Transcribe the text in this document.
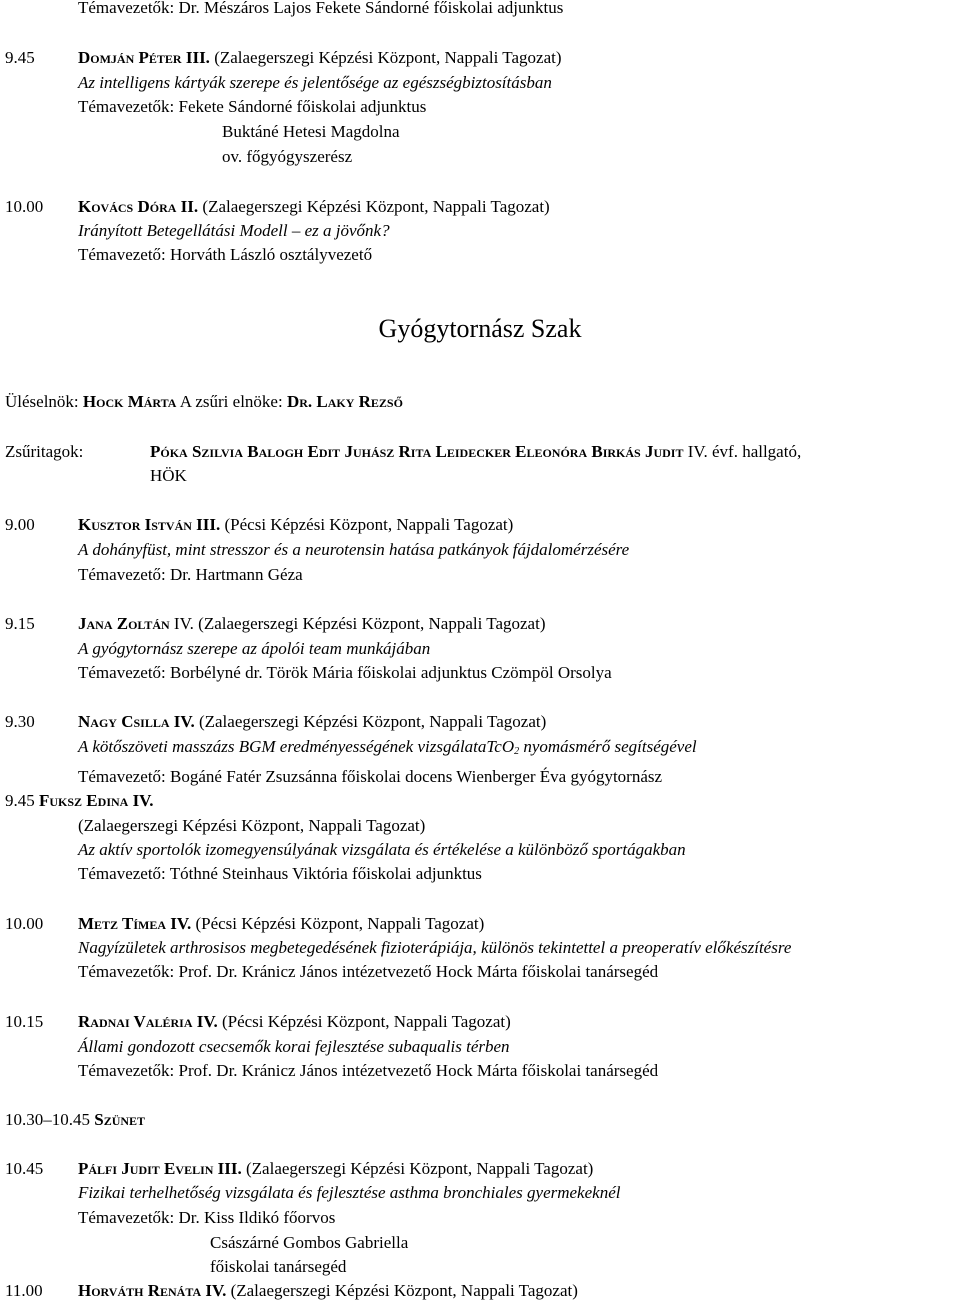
Témavezetők: Dr. Mészáros Lajos Fekete Sándorné főiskolai adjunktus
9.45	Domján Péter III. (Zalaegerszegi Képzési Központ, Nappali Tagozat)
Az intelligens kártyák szerepe és jelentősége az egészségbiztosításban
Témavezetők: Fekete Sándorné főiskolai adjunktus
Buktáné Hetesi Magdolna
ov. főgyógyszerész
10.00 Kovács Dóra II. (Zalaegerszegi Képzési Központ, Nappali Tagozat)
Irányított Betegellátási Modell – ez a jövőnk?
Témavezető: Horváth László osztályvezető
Gyógytornász Szak
Üléselnök: Hock Márta A zsűri elnöke: Dr. Laky Rezső
Zsűritagok:	Póka Szilvia Balogh Edit Juhász Rita Leidecker Eleonóra Birkás Judit IV. évf. hallgató,
HÖK
9.00	Kusztor István III. (Pécsi Képzési Központ, Nappali Tagozat)
A dohányfüst, mint stresszor és a neurotensin hatása patkányok fájdalomérzésére
Témavezető: Dr. Hartmann Géza
9.15	Jana Zoltán IV. (Zalaegerszegi Képzési Központ, Nappali Tagozat)
A gyógytornász szerepe az ápolói team munkájában
Témavezető: Borbélyné dr. Török Mária főiskolai adjunktus Czömpöl Orsolya
9.30	Nagy Csilla IV. (Zalaegerszegi Képzési Központ, Nappali Tagozat)
A kötőszöveti masszázs BGM eredményességének vizsgálataTcO$_2$ nyomásmérő segítségével
Témavezető: Bogáné Fatér Zsuzsánna főiskolai docens Wienberger Éva gyógytornász
9.45 Fuksz Edina IV.
(Zalaegerszegi Képzési Központ, Nappali Tagozat)
Az aktív sportolók izomegyensúlyának vizsgálata és értékelése a különböző sportágakban
Témavezető: Tóthné Steinhaus Viktória főiskolai adjunktus
10.00 Metz Tímea IV. (Pécsi Képzési Központ, Nappali Tagozat)
Nagyízületek arthrosisos megbetegedésének fizioterápiája, különös tekintettel a preoperatív előkészítésre
Témavezetők: Prof. Dr. Kránicz János intézetvezető Hock Márta főiskolai tanársegéd
10.15 Radnai Valéria IV. (Pécsi Képzési Központ, Nappali Tagozat)
Állami gondozott csecsemők korai fejlesztése subaqualis térben
Témavezetők: Prof. Dr. Kránicz János intézetvezető Hock Márta főiskolai tanársegéd
10.30–10.45 Szünet
10.45 Pálfi Judit Evelin III. (Zalaegerszegi Képzési Központ, Nappali Tagozat)
Fizikai terhelhetőség vizsgálata és fejlesztése asthma bronchiales gyermekeknél
Témavezetők: Dr. Kiss Ildikó főorvos
Császárné Gombos Gabriella
főiskolai tanársegéd
11.00 Horváth Renáta IV. (Zalaegerszegi Képzési Központ, Nappali Tagozat)
